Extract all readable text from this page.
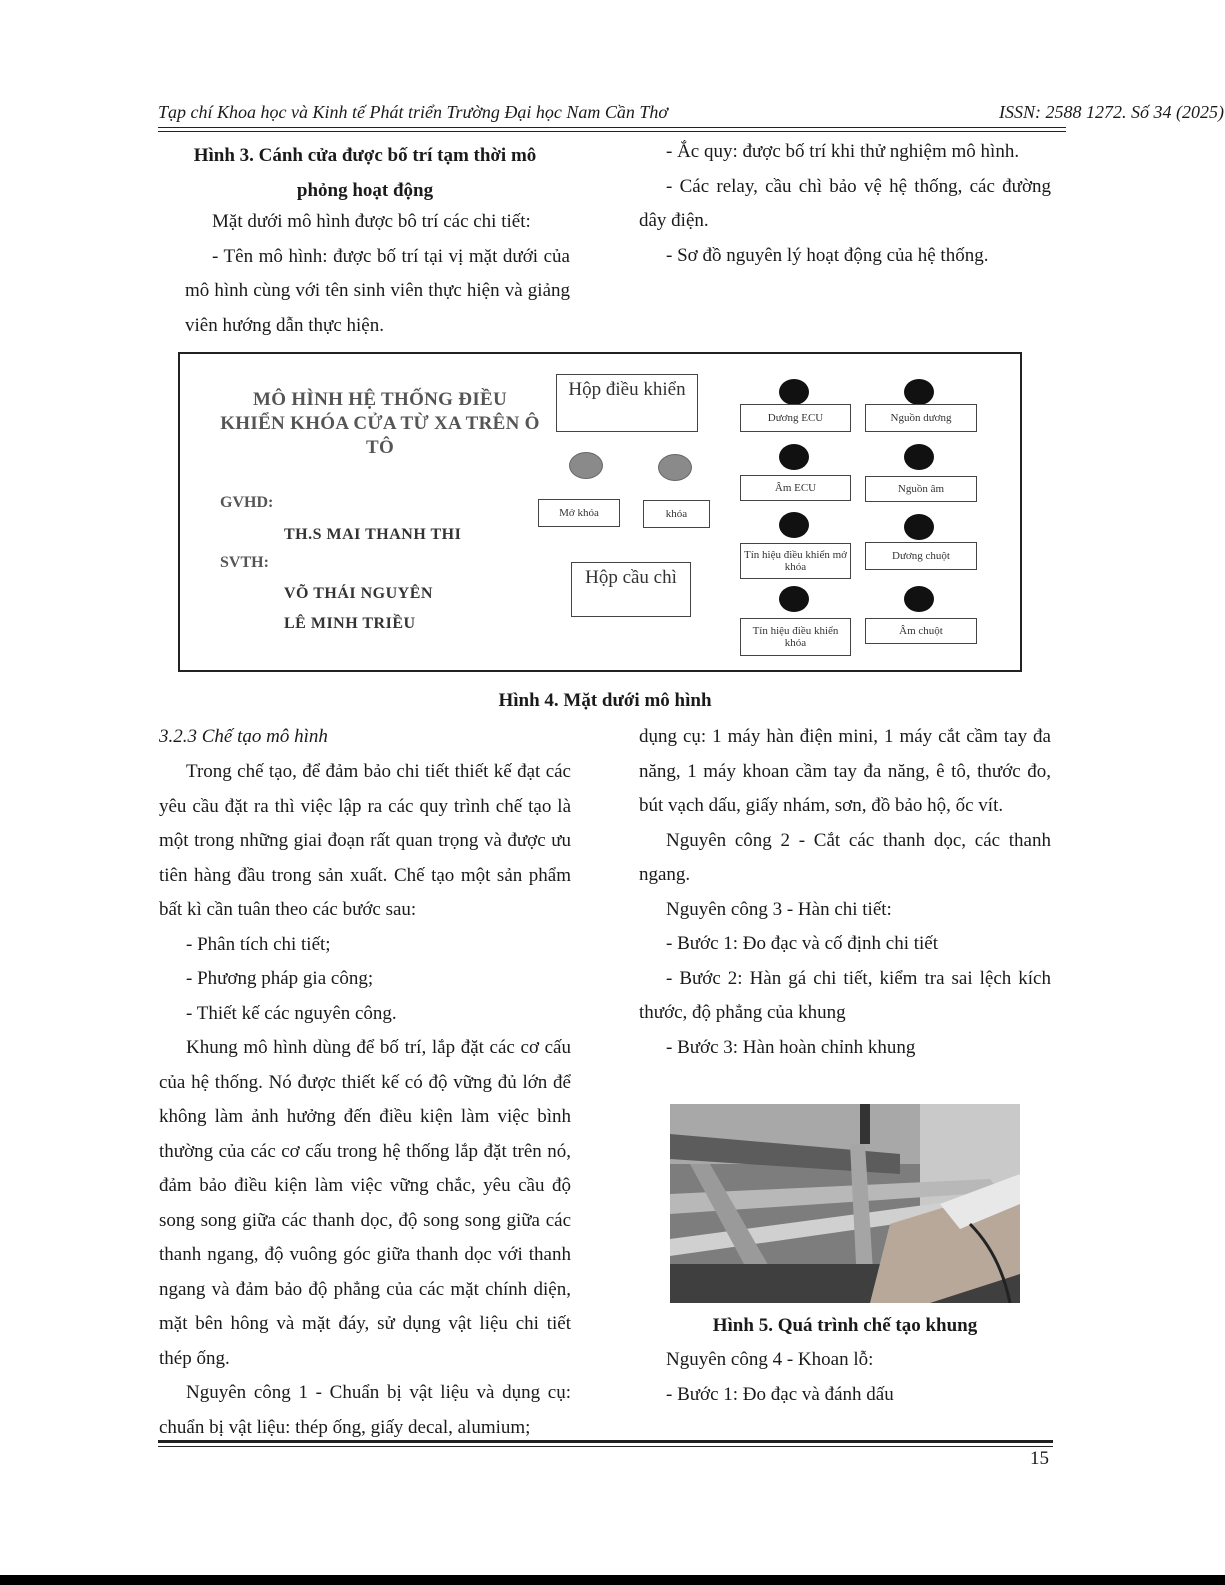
Tạp chí Khoa học và Kinh tế Phát triển Trường Đại học Nam Cần Thơ	ISSN: 2588 1272. Số 34 (2025)
Hình 3. Cánh cửa được bố trí tạm thời mô
phỏng hoạt động

Mặt dưới mô hình được bô trí các chi tiết:

- Tên mô hình: được bố trí tại vị mặt dưới của mô hình cùng với tên sinh viên thực hiện và giảng viên hướng dẫn thực hiện.

- Ắc quy: được bố trí khi thử nghiệm mô hình.

- Các relay, cầu chì bảo vệ hệ thống, các đường dây điện.

- Sơ đồ nguyên lý hoạt động của hệ thống.

MÔ HÌNH HỆ THỐNG ĐIỀU KHIỂN KHÓA CỬA TỪ XA TRÊN Ô TÔ
GVHD:
TH.S MAI THANH THI
SVTH:
VÕ THÁI NGUYÊN
LÊ MINH TRIỀU
Hộp điều khiển
Mở khóa	khóa
Hộp cầu chì
Dương ECU	Nguồn dương
Âm ECU	Nguồn âm
Tín hiệu điều khiển mở khóa
Dương chuột
Tín hiệu điều khiển khóa
Âm chuột
Hình 4. Mặt dưới mô hình
3.2.3 Chế tạo mô hình

Trong chế tạo, để đảm bảo chi tiết thiết kế đạt các yêu cầu đặt ra thì việc lập ra các quy trình chế tạo là một trong những giai đoạn rất quan trọng và được ưu tiên hàng đầu trong sản xuất. Chế tạo một sản phẩm bất kì cần tuân theo các bước sau:

- Phân tích chi tiết;

- Phương pháp gia công;

- Thiết kế các nguyên công.

Khung mô hình dùng để bố trí, lắp đặt các cơ cấu của hệ thống. Nó được thiết kế có độ vững đủ lớn để không làm ảnh hưởng đến điều kiện làm việc bình thường của các cơ cấu trong hệ thống lắp đặt trên nó, đảm bảo điều kiện làm việc vững chắc, yêu cầu độ song song giữa các thanh dọc, độ song song giữa các thanh ngang, độ vuông góc giữa thanh dọc với thanh ngang và đảm bảo độ phẳng của các mặt chính diện, mặt bên hông và mặt đáy, sử dụng vật liệu chi tiết thép ống.

Nguyên công 1 - Chuẩn bị vật liệu và dụng cụ: chuẩn bị vật liệu: thép ống, giấy decal, alumium;

dụng cụ: 1 máy hàn điện mini, 1 máy cắt cầm tay đa năng, 1 máy khoan cầm tay đa năng, ê tô, thước đo, bút vạch dấu, giấy nhám, sơn, đồ bảo hộ, ốc vít.

Nguyên công 2 - Cắt các thanh dọc, các thanh ngang.

Nguyên công 3 - Hàn chi tiết:

- Bước 1: Đo đạc và cố định chi tiết

- Bước 2: Hàn gá chi tiết, kiểm tra sai lệch kích thước, độ phẳng của khung

- Bước 3: Hàn hoàn chỉnh khung

Hình 5. Quá trình chế tạo khung

Nguyên công 4 - Khoan lỗ:

- Bước 1: Đo đạc và đánh dấu

15
